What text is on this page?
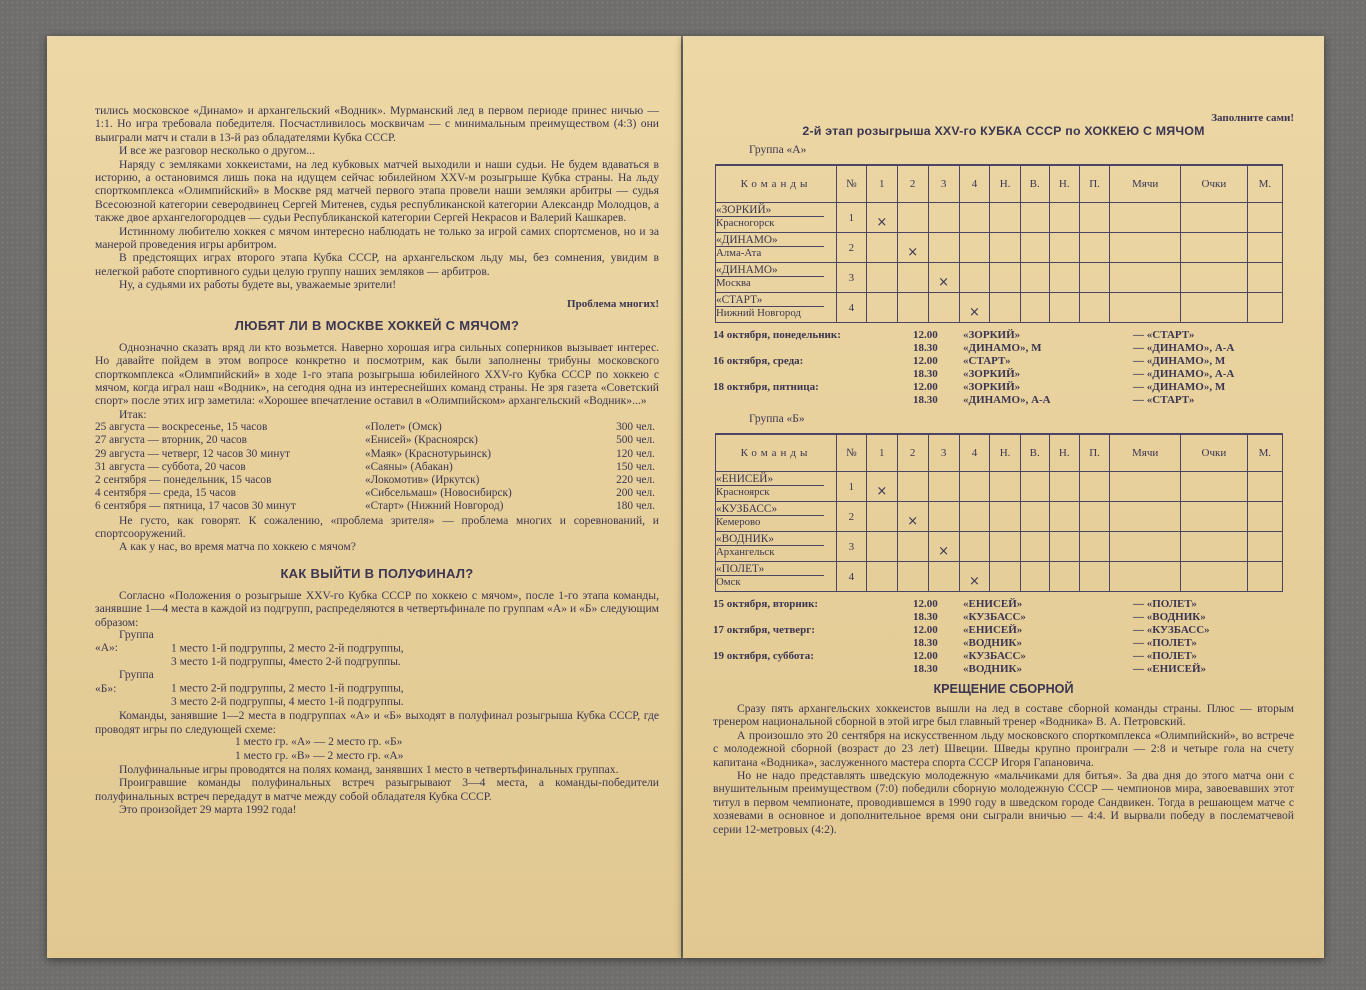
тились московское «Динамо» и архангельский «Водник». Мурманский лед в первом периоде принес ничью — 1:1. Но игра требовала победителя. Посчастливилось москвичам — с минимальным преимуществом (4:3) они выиграли матч и стали в 13-й раз обладателями Кубка СССР.

И все же разговор несколько о другом...

Наряду с земляками хоккеистами, на лед кубковых матчей выходили и наши судьи. Не будем вдаваться в историю, а остановимся лишь пока на идущем сейчас юбилейном XXV-м розыгрыше Кубка страны. На льду спорткомплекса «Олимпийский» в Москве ряд матчей первого этапа провели наши земляки арбитры — судья Всесоюзной категории северодвинец Сергей Митенев, судья республиканской категории Александр Молодцов, а также двое архангелогородцев — судьи Республиканской категории Сергей Некрасов и Валерий Кашкарев.

Истинному любителю хоккея с мячом интересно наблюдать не только за игрой самих спортсменов, но и за манерой проведения игры арбитром.

В предстоящих играх второго этапа Кубка СССР, на архангельском льду мы, без сомнения, увидим в нелегкой работе спортивного судьи целую группу наших земляков — арбитров.

Ну, а судьями их работы будете вы, уважаемые зрители!

Проблема многих!
ЛЮБЯТ ЛИ В МОСКВЕ ХОККЕЙ С МЯЧОМ?

Однозначно сказать вряд ли кто возьмется. Наверно хорошая игра сильных соперников вызывает интерес. Но давайте пойдем в этом вопросе конкретно и посмотрим, как были заполнены трибуны московского спорткомплекса «Олимпийский» в ходе 1-го этапа розыгрыша юбилейного XXV-го Кубка СССР по хоккею с мячом, когда играл наш «Водник», на сегодня одна из интереснейших команд страны. Не зря газета «Советский спорт» после этих игр заметила: «Хорошее впечатление оставил в «Олимпийском» архангельский «Водник»...»

Итак:

25 августа — воскресенье, 15 часов	«Полет» (Омск)	300 чел.
27 августа — вторник, 20 часов	«Енисей» (Красноярск)	500 чел.
29 августа — четверг, 12 часов 30 минут	«Маяк» (Краснотурьинск)	120 чел.
31 августа — суббота, 20 часов	«Саяны» (Абакан)	150 чел.
2 сентября — понедельник, 15 часов	«Локомотив» (Иркутск)	220 чел.
4 сентября — среда, 15 часов	«Сибсельмаш» (Новосибирск)	200 чел.
6 сентября — пятница, 17 часов 30 минут	«Старт» (Нижний Новгород)	180 чел.

Не густо, как говорят. К сожалению, «проблема зрителя» — проблема многих и соревнований, и спортсооружений.

А как у нас, во время матча по хоккею с мячом?

КАК ВЫЙТИ В ПОЛУФИНАЛ?

Согласно «Положения о розыгрыше XXV-го Кубка СССР по хоккею с мячом», после 1-го этапа команды, занявшие 1—4 места в каждой из подгрупп, распределяются в четвертьфинале по группам «А» и «Б» следующим образом:

Группа «А»:	1 место 1-й подгруппы, 2 место 2-й подгруппы,
3 место 1-й подгруппы, 4место 2-й подгруппы.
Группа «Б»:	1 место 2-й подгруппы, 2 место 1-й подгруппы,
3 место 2-й подгруппы, 4 место 1-й подгруппы.

Команды, занявшие 1—2 места в подгруппах «А» и «Б» выходят в полуфинал розыгрыша Кубка СССР, где проводят игры по следующей схеме:

1 место гр. «А» — 2 место гр. «Б»
1 место гр. «В» — 2 место гр. «А»

Полуфинальные игры проводятся на полях команд, занявших 1 место в четвертьфинальных группах.

Проигравшие команды полуфинальных встреч разыгрывают 3—4 места, а команды-победители полуфинальных встреч передадут в матче между собой обладателя Кубка СССР.

Это произойдет 29 марта 1992 года!

Заполните сами!
2-й этап розыгрыша XXV-го КУБКА СССР по ХОККЕЮ С МЯЧОМ
Группа «А»
Команды	№	1	2	3	4	Н.	В.	Н.	П.	Мячи	Очки	М.

«ЗОРКИЙ»
Красногорск	1	×										

«ДИНАМО»
Алма-Ата	2		×									

«ДИНАМО»
Москва	3			×								

«СТАРТ»
Нижний Новгород	4				×							
14 октября, понедельник:	12.00	«ЗОРКИЙ»	— «СТАРТ»
18.30	«ДИНАМО», М	— «ДИНАМО», А-А
16 октября, среда:	12.00	«СТАРТ»	— «ДИНАМО», М
18.30	«ЗОРКИЙ»	— «ДИНАМО», А-А
18 октября, пятница:	12.00	«ЗОРКИЙ»	— «ДИНАМО», М
18.30	«ДИНАМО», А-А	— «СТАРТ»
Группа «Б»
Команды	№	1	2	3	4	Н.	В.	Н.	П.	Мячи	Очки	М.

«ЕНИСЕЙ»
Красноярск	1	×										

«КУЗБАСС»
Кемерово	2		×									

«ВОДНИК»
Архангельск	3			×								

«ПОЛЕТ»
Омск	4				×							
15 октября, вторник:	12.00	«ЕНИСЕЙ»	— «ПОЛЕТ»
18.30	«КУЗБАСС»	— «ВОДНИК»
17 октября, четверг:	12.00	«ЕНИСЕЙ»	— «КУЗБАСС»
18.30	«ВОДНИК»	— «ПОЛЕТ»
19 октября, суббота:	12.00	«КУЗБАСС»	— «ПОЛЕТ»
18.30	«ВОДНИК»	— «ЕНИСЕЙ»
КРЕЩЕНИЕ СБОРНОЙ

Сразу пять архангельских хоккеистов вышли на лед в составе сборной команды страны. Плюс — вторым тренером национальной сборной в этой игре был главный тренер «Водника» В. А. Петровский.

А произошло это 20 сентября на искусственном льду московского спорткомплекса «Олимпийский», во встрече с молодежной сборной (возраст до 23 лет) Швеции. Шведы крупно проиграли — 2:8 и четыре гола на счету капитана «Водника», заслуженного мастера спорта СССР Игоря Гапановича.

Но не надо представлять шведскую молодежную «мальчиками для битья». За два дня до этого матча они с внушительным преимуществом (7:0) победили сборную молодежную СССР — чемпионов мира, завоевавших этот титул в первом чемпионате, проводившемся в 1990 году в шведском городе Сандвикен. Тогда в решающем матче с хозяевами в основное и дополнительное время они сыграли вничью — 4:4. И вырвали победу в послематчевой серии 12-метровых (4:2).
